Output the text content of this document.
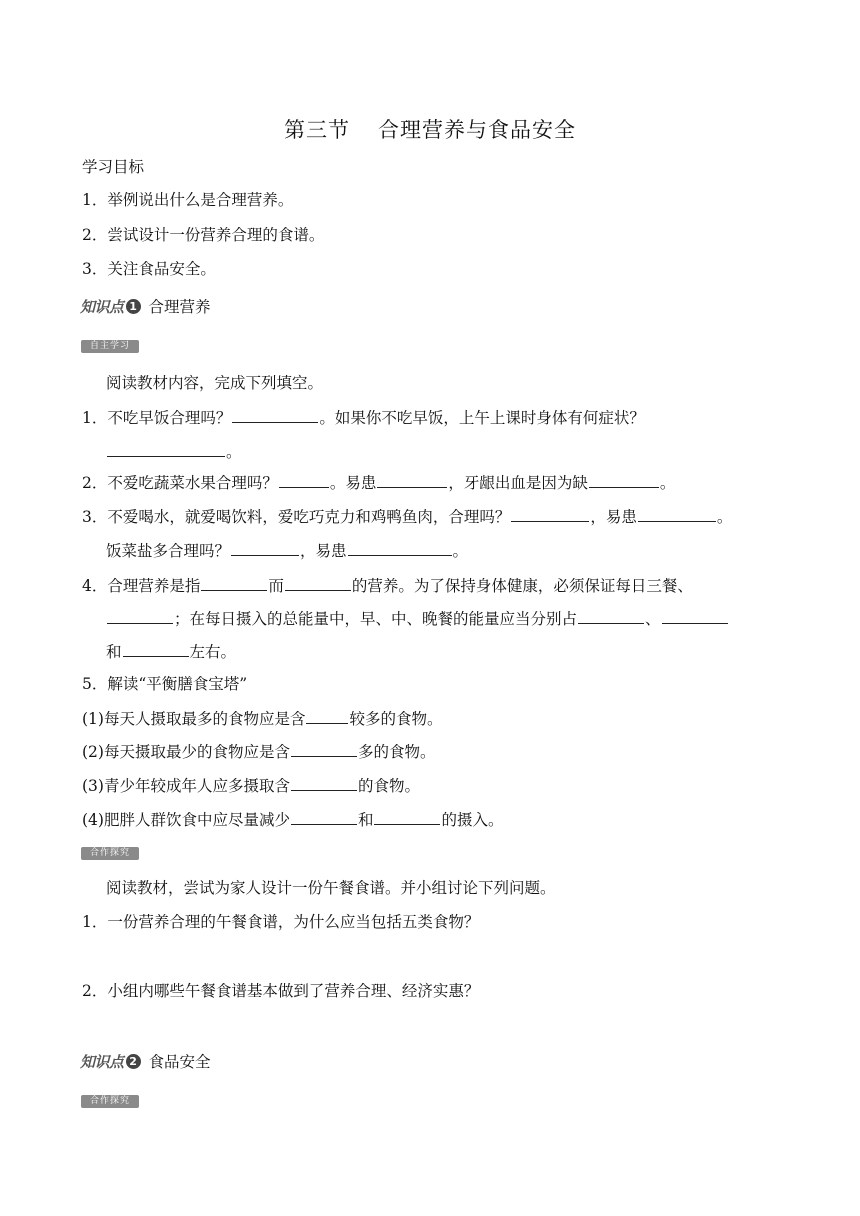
第三节 合理营养与食品安全
学习目标
1．举例说出什么是合理营养。
2．尝试设计一份营养合理的食谱。
3．关注食品安全。
知识点 1 合理营养
自主学习
阅读教材内容，完成下列填空。
1．不吃早饭合理吗？	。如果你不吃早饭，上午上课时身体有何症状？
。
2．不爱吃蔬菜水果合理吗？	。易患	，牙龈出血是因为缺	。
3．不爱喝水，就爱喝饮料，爱吃巧克力和鸡鸭鱼肉，合理吗？	，易患	。
饭菜盐多合理吗？	，易患	。
4．合理营养是指	而	的营养。为了保持身体健康，必须保证每日三餐、
；在每日摄入的总能量中，早、中、晚餐的能量应当分别占	、
和	左右。
5．解读“平衡膳食宝塔”
(1)每天人摄取最多的食物应是含	较多的食物。
(2)每天摄取最少的食物应是含	多的食物。
(3)青少年较成年人应多摄取含	的食物。
(4)肥胖人群饮食中应尽量减少	和	的摄入。
合作探究
阅读教材，尝试为家人设计一份午餐食谱。并小组讨论下列问题。
1．一份营养合理的午餐食谱，为什么应当包括五类食物？
2．小组内哪些午餐食谱基本做到了营养合理、经济实惠？
知识点 2 食品安全
合作探究
